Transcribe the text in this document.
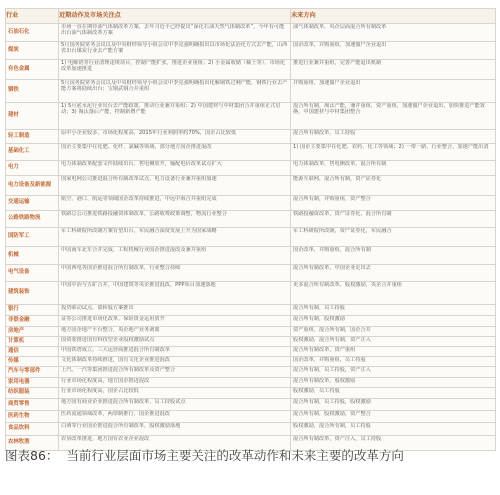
行业	近期动作及市场关注点	未来方向

石油石化	市场一直在期待油气体制改革方案，去年习近平已经提出“深化石油天然气体制改革”，今年有可能出台油气体制改革方案	油气体制改革，央企层面混合所有制改革

煤炭	5月国务院常务会议以及中央财经领导小组会议中李克强明确指出以市场化法治化方式去产能，山西省出台煤炭行业去产能方案	国企改革，并购重组，加速僵尸企业退出

有色金属	1) 电解铝等行业清理违规项目，控制产能扩张，推进企业重组；2) 小金属收储（稀土等），市场化改革加速推进	推进行业兼并重组，完善产能退出机制

钢铁	5月国务院常务会议以及中央财经领导小组会议中李克强明确指出化解钢铁过剩产能，钢铁行业去产能方案将陆续出台；宝钢武钢合并重组	并购重组，加速僵尸企业退出

建材	1) 5月底水泥行业出台去产能政策，推动行业兼并重组；2) 中国建材与中材集团合并重组正式启动；3) 淘汰落后产能，控制新增产能	混合所有制，淘汰产能，兼并重组，资产重组，加速僵尸企业退出，加快推进产能置换，中国建材与中材集团整合

轻工制造	原中小企业较多，市场化程度高，2015年行业利润率约70%，国企占比较低	混合所有制改革，员工持股

基础化工	国企主要集中在化肥、化纤、氯碱等领域，部分地方国企推进混改	1) 国企主要集中在化肥、农药、化工等领域；2) 一带一路，行业整合，加速产能出清

电力	电力体制改革配套文件陆续出台，售电侧放开，输配电价改革试点扩大	电力体制改革，售电侧改革，混合所有制

电力设备及新能源	国家电网公司推进混合所有制改革试点，电力设备行业兼并重组加速	能源互联网，混合所有制，资产证券化

交通运输	航空、港口、航运等领域国企改革持续推进，中远中海合并重组完成	混合所有制，并购重组，资产整合

公路铁路物流	铁路总公司推进铁路投融资体制改革，公路收费政策调整，物流行业整合	铁路投融资改革，资产证券化，混合所有制

国防军工	军工科研院所改制方案有望出台，军民融合深度发展上升为国家战略	军工科研院所改制，资产证券化，军民融合

机械	中国南车北车合并完成，工程机械行业国企推进混改及兼并重组	国企改革，并购重组，混合所有制

电气设备	中国西电等国企推进混合所有制改革，行业整合持续	混合所有制改革，中国企业走出去

建筑装饰	中国中冶与五矿合并，中国建筑等央企推进混改，PPP项目加速落地	更多混合所有制改革，股权激励，央企合并重组

银行	投贷联动试点，债转股方案推出	混合所有制，员工持股

非银金融	证券公司推进市场化改革，保险资金运用放开	混合所有制，股权激励

房地产	地方国企地产平台整合，央企地产业务剥离	资产重组，混合所有制，国企合并

计算机	国资委推进国有科技型企业股权激励试点	股权激励，混合所有制，资产注入

通信	中国铁塔成立，三大运营商推进混合所有制改革	混合所有制改革，资产重组

传媒	文化体制改革持续推进，国有文化企业推进混改	国企改革，并购重组，员工持股

汽车与零部件	上汽、一汽等集团推进混合所有制改革及资产整合	混合所有制，员工持股，资产注入

家用电器	行业市场化程度高，地方国企推进混改	混合所有制改革，股权激励

纺织服装	行业市场化程度高，国企占比较低	股权激励，员工持股

商贸零售	地方国有商业企业推进混合所有制改革，员工持股试点	混合所有制，员工持股，股权激励

医药生物	医药流通领域改革，两票制推行，国企推进混改	混合所有制，股权激励，资产整合

食品饮料	白酒等行业国企推进混合所有制改革，股权激励落地	股权激励，混合所有制，员工持股

农林牧渔	农垦改革推进，地方国有农业企业混改	混合所有制改革，资产注入，员工持股
图表86： 当前行业层面市场主要关注的改革动作和未来主要的改革方向
